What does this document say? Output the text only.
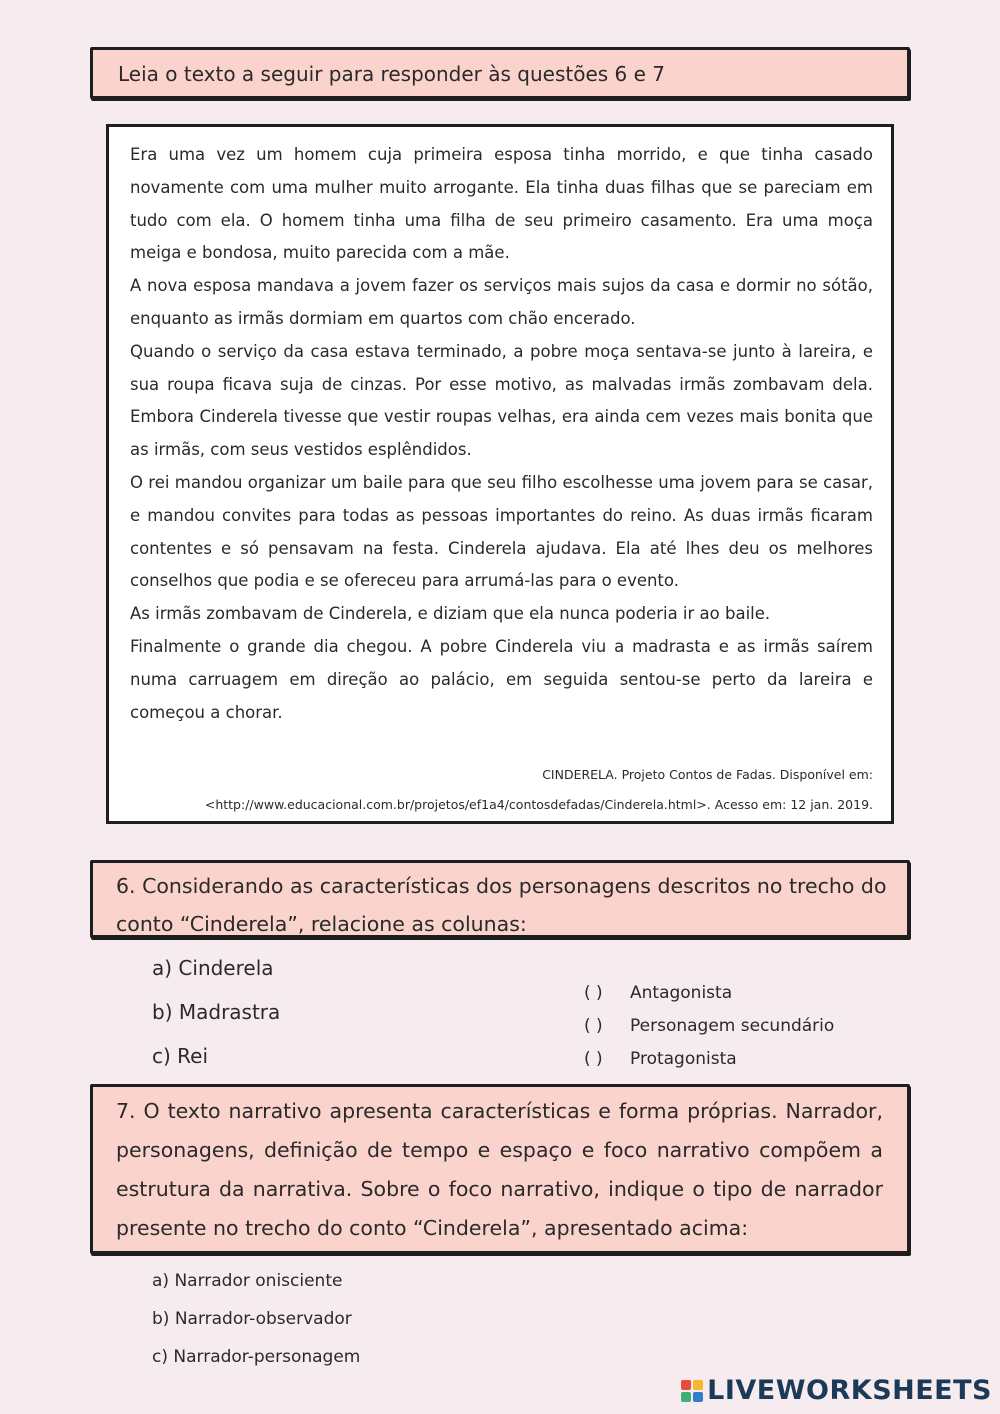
Leia o texto a seguir para responder às questões 6 e 7

Era uma vez um homem cuja primeira esposa tinha morrido, e que tinha casado novamente com uma mulher muito arrogante. Ela tinha duas filhas que se pareciam em tudo com ela. O homem tinha uma filha de seu primeiro casamento. Era uma moça meiga e bondosa, muito parecida com a mãe.

A nova esposa mandava a jovem fazer os serviços mais sujos da casa e dormir no sótão, enquanto as irmãs dormiam em quartos com chão encerado.

Quando o serviço da casa estava terminado, a pobre moça sentava-se junto à lareira, e sua roupa ficava suja de cinzas. Por esse motivo, as malvadas irmãs zombavam dela. Embora Cinderela tivesse que vestir roupas velhas, era ainda cem vezes mais bonita que as irmãs, com seus vestidos esplêndidos.

O rei mandou organizar um baile para que seu filho escolhesse uma jovem para se casar, e mandou convites para todas as pessoas importantes do reino. As duas irmãs ficaram contentes e só pensavam na festa. Cinderela ajudava. Ela até lhes deu os melhores conselhos que podia e se ofereceu para arrumá-las para o evento.

As irmãs zombavam de Cinderela, e diziam que ela nunca poderia ir ao baile.

Finalmente o grande dia chegou. A pobre Cinderela viu a madrasta e as irmãs saírem numa carruagem em direção ao palácio, em seguida sentou-se perto da lareira e começou a chorar.

CINDERELA. Projeto Contos de Fadas. Disponível em:
<http://www.educacional.com.br/projetos/ef1a4/contosdefadas/Cinderela.html>. Acesso em: 12 jan. 2019.
6. Considerando as características dos personagens descritos no trecho do conto “Cinderela”, relacione as colunas:
a) Cinderela
b) Madrastra
c) Rei
( ) Antagonista
( ) Personagem secundário
( ) Protagonista
7. O texto narrativo apresenta características e forma próprias. Narrador, personagens, definição de tempo e espaço e foco narrativo compõem a estrutura da narrativa. Sobre o foco narrativo, indique o tipo de narrador presente no trecho do conto “Cinderela”, apresentado acima:
a) Narrador onisciente
b) Narrador-observador
c) Narrador-personagem
LIVEWORKSHEETS
